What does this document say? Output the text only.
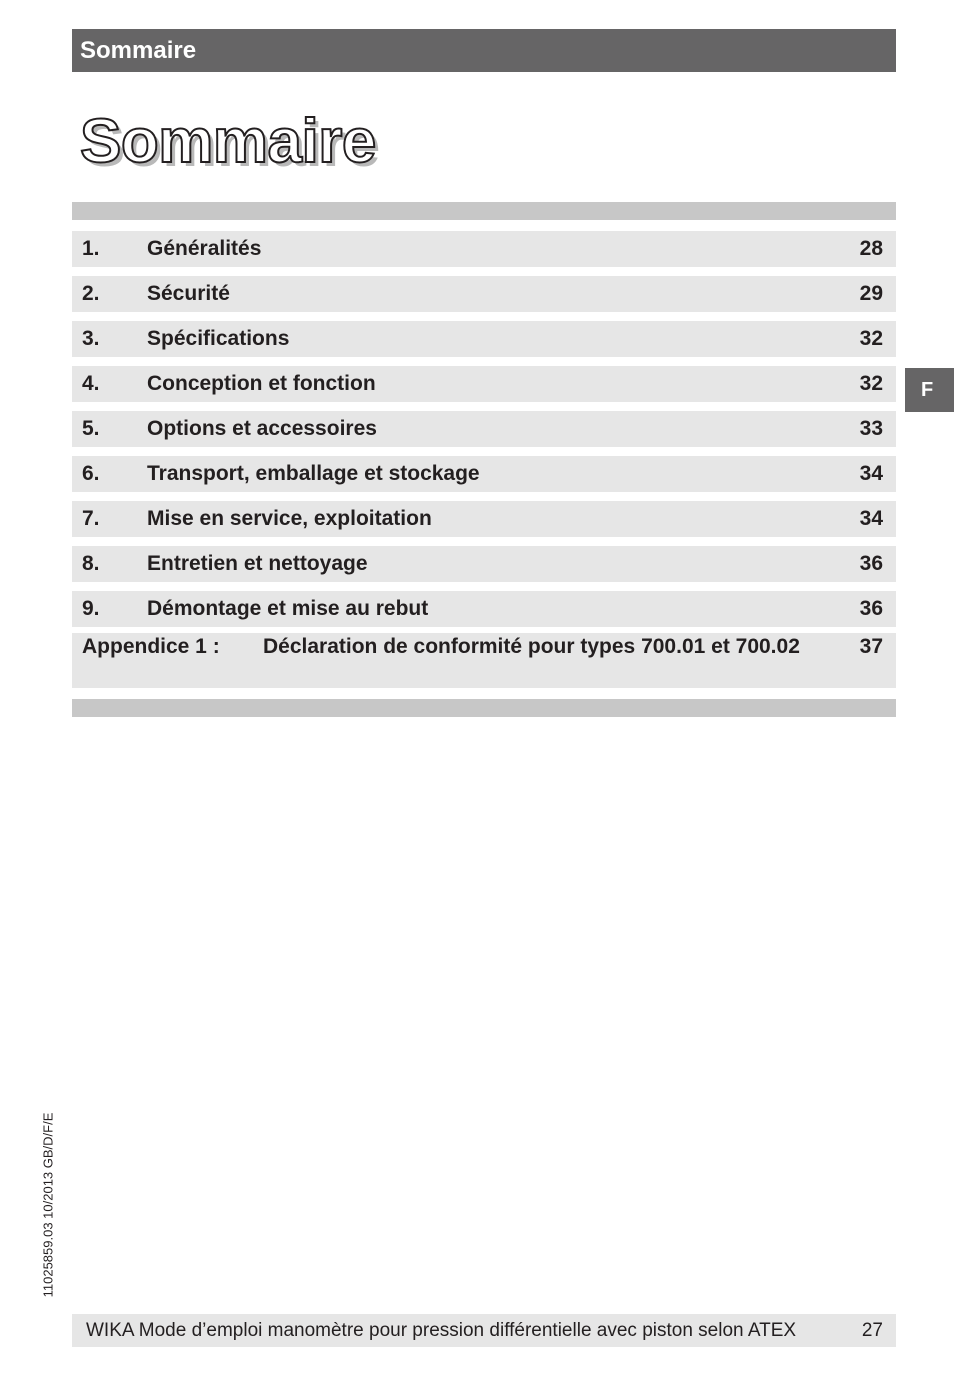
Sommaire
Sommaire
1. Généralités	28
2. Sécurité	29
3. Spécifications	32
4. Conception et fonction	32
5. Options et accessoires	33
6. Transport, emballage et stockage	34
7. Mise en service, exploitation	34
8. Entretien et nettoyage	36
9. Démontage et mise au rebut	36
Appendice 1 : Déclaration de conformité pour types 700.01 et 700.02	37
F
11025859.03 10/2013 GB/D/F/E
WIKA Mode d’emploi manomètre pour pression différentielle avec piston selon ATEX	27
